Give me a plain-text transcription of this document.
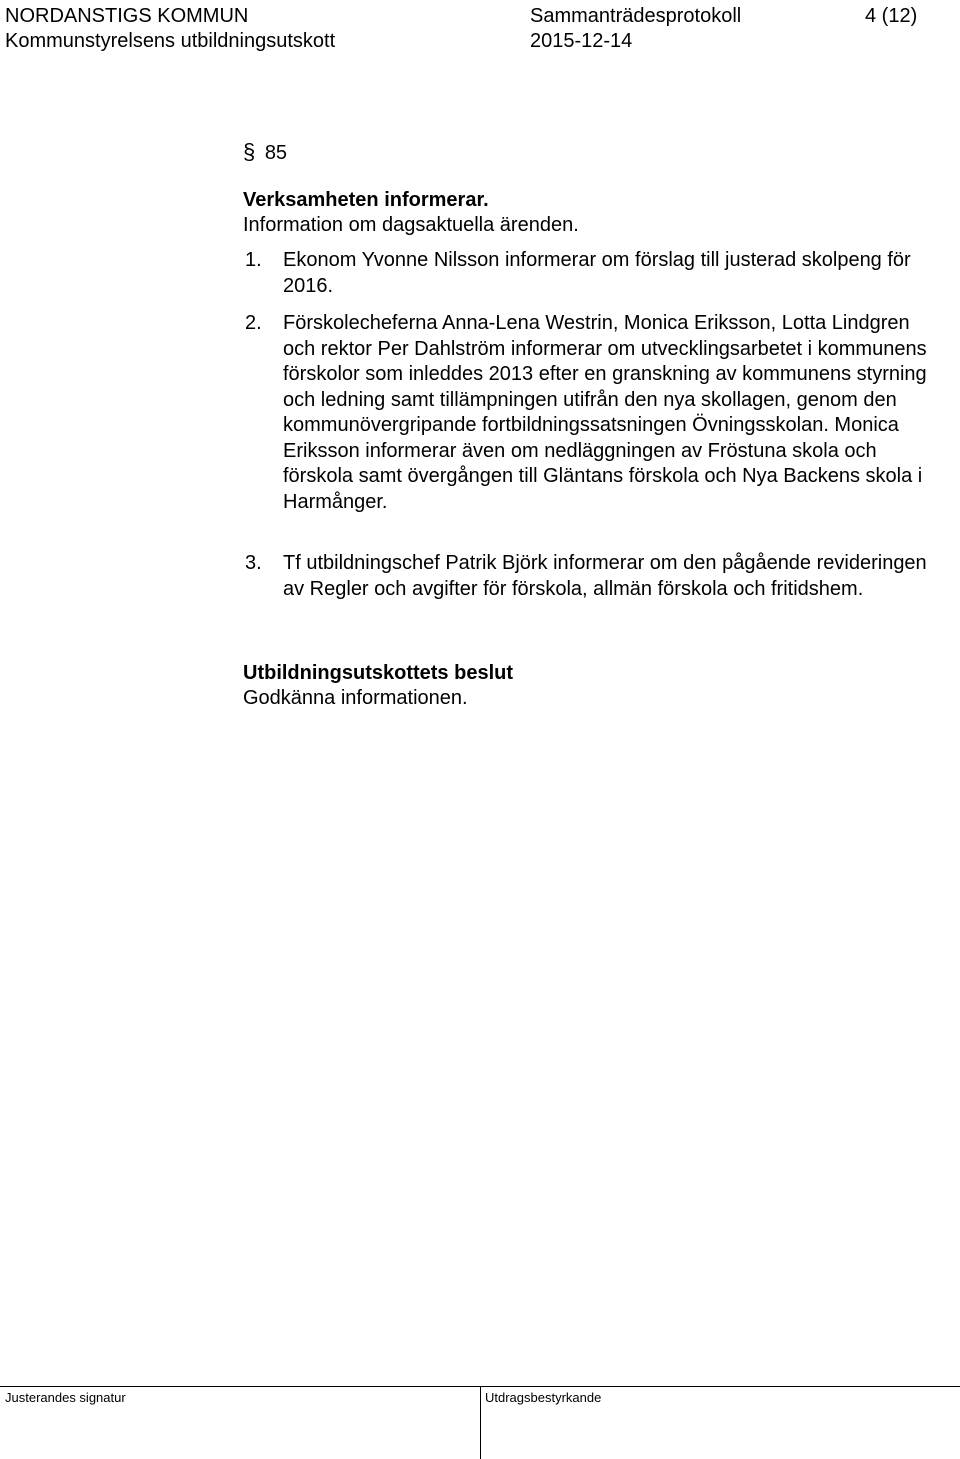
NORDANSTIGS KOMMUN	Sammanträdesprotokoll	4 (12)
Kommunstyrelsens utbildningsutskott	2015-12-14
§ 85
Verksamheten informerar.
Information om dagsaktuella ärenden.
1. Ekonom Yvonne Nilsson informerar om förslag till justerad skolpeng för 2016.
2. Förskolecheferna Anna-Lena Westrin, Monica Eriksson, Lotta Lindgren och rektor Per Dahlström informerar om utvecklingsarbetet i kommunens förskolor som inleddes 2013 efter en granskning av kommunens styrning och ledning samt tillämpningen utifrån den nya skollagen, genom den kommunövergripande fortbildningssatsningen Övningsskolan. Monica Eriksson informerar även om nedläggningen av Fröstuna skola och förskola samt övergången till Gläntans förskola och Nya Backens skola i Harmånger.
3. Tf utbildningschef Patrik Björk informerar om den pågående revideringen av Regler och avgifter för förskola, allmän förskola och fritidshem.
Utbildningsutskottets beslut
Godkänna informationen.
Justerandes signatur	Utdragsbestyrkande
